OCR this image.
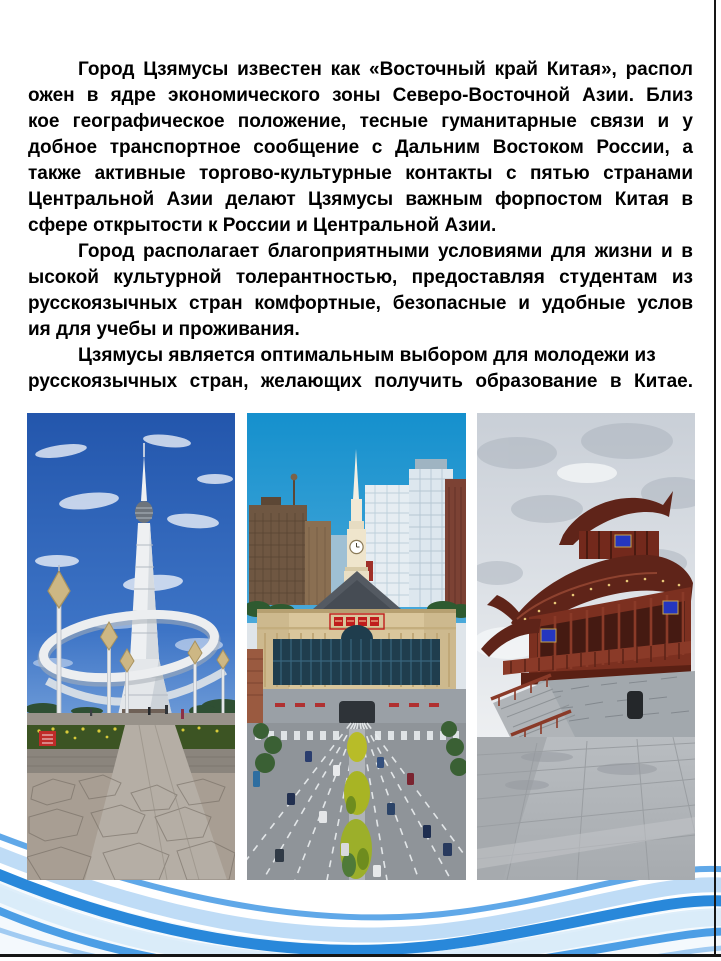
Город Цзямусы известен как «Восточный край Китая», распол
ожен в ядре экономического зоны Северо-Восточной Азии. Близ
кое географическое положение, тесные гуманитарные связи и у
добное транспортное сообщение с Дальним Востоком России, а
также активные торгово-культурные контакты с пятью странами
Центральной Азии делают Цзямусы важным форпостом Китая в
сфере открытости к России и Центральной Азии.
Город располагает благоприятными условиями для жизни и в
ысокой культурной толерантностью, предоставляя студентам из
русскоязычных стран комфортные, безопасные и удобные услов
ия для учебы и проживания.
Цзямусы является оптимальным выбором для молодежи из
русскоязычных стран, желающих получить образование в Китае.
